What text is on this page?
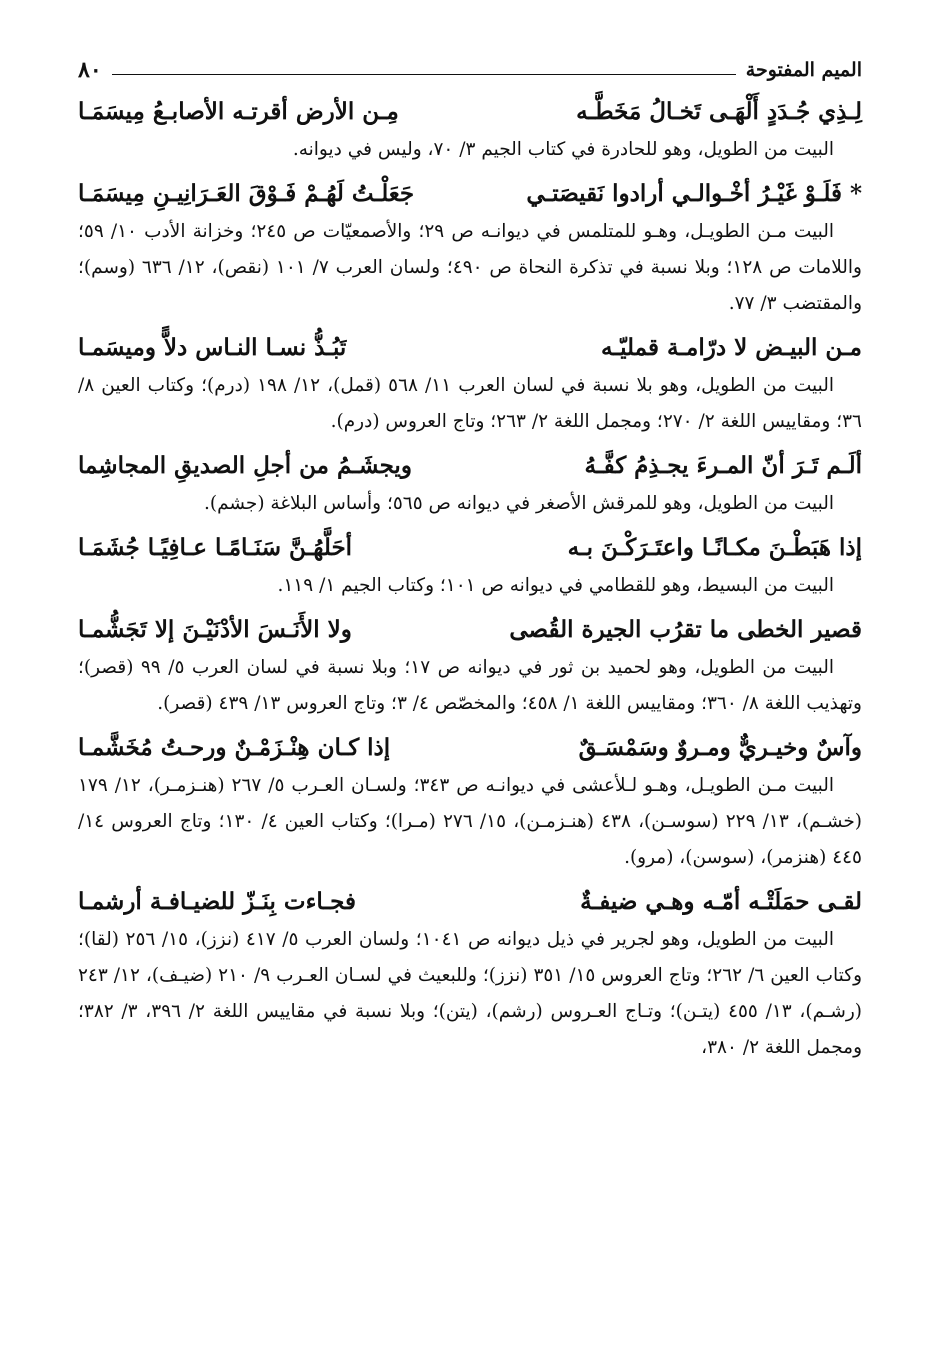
٨٠	الميم المفتوحة
لِـذِي جُـدَدٍ أَلْهَـى تَخـالُ مَخَطَّـه
مِـن الأرض أقرتـه الأصابـعُ مِيسَمَـا

البيت من الطويل، وهو للحادرة في كتاب الجيم ٣/ ٧٠، وليس في ديوانه.

* فَلَـوْ غَيْـرُ أخْـوالـي أرادوا نَقيصَتـي
جَعَلْـتُ لَهُـمْ فَـوْقَ العَـرَانِيـنِ مِيسَمَـا

البيت مـن الطويـل، وهـو للمتلمس في ديوانـه ص ٢٩؛ والأصمعيّات ص ٢٤٥؛ وخزانة الأدب ١٠/ ٥٩؛ واللامات ص ١٢٨؛ وبلا نسبة في تذكرة النحاة ص ٤٩٠؛ ولسان العرب ٧/ ١٠١ (نقص)، ١٢/ ٦٣٦ (وسم)؛ والمقتضب ٣/ ٧٧.

مـن البيـض لا درّامـة قمليّـه
تَبُـذُّ نسـا النـاس دلاًّ وميسَمـا

البيت من الطويل، وهو بلا نسبة في لسان العرب ١١/ ٥٦٨ (قمل)، ١٢/ ١٩٨ (درم)؛ وكتاب العين ٨/ ٣٦؛ ومقاييس اللغة ٢/ ٢٧٠؛ ومجمل اللغة ٢/ ٢٦٣؛ وتاج العروس (درم).

ألَـم تَـرَ أنّ المـرءَ يجـذِمُ كفَّـهُ
ويجشَـمُ من أجلِ الصديقِ المجاشِما

البيت من الطويل، وهو للمرقش الأصغر في ديوانه ص ٥٦٥؛ وأساس البلاغة (جشم).

إذا هَبَطْـنَ مكـانًـا واعتَـرَكْـنَ بـه
أحَلَّهُـنَّ سَنَـامًـا عـافِيًـا جُشَمَـا

البيت من البسيط، وهو للقطامي في ديوانه ص ١٠١؛ وكتاب الجيم ١/ ١١٩.

قصير الخطى ما تقرُب الجيرة القُصى
ولا الأَنَـسَ الأدْنَيْـنَ إلا تَجَشُّمـا

البيت من الطويل، وهو لحميد بن ثور في ديوانه ص ١٧؛ وبلا نسبة في لسان العرب ٥/ ٩٩ (قصر)؛ وتهذيب اللغة ٨/ ٣٦٠؛ ومقاييس اللغة ١/ ٤٥٨؛ والمخصّص ٤/ ٣؛ وتاج العروس ١٣/ ٤٣٩ (قصر).

وآسٌ وخيـريٌّ ومـروٌ وسَمْسَـقٌ
إذا كـان هِنْـزَمْـنٌ ورحـتُ مُخَشَّمـا

البيت مـن الطويـل، وهـو لـلأعشى في ديوانـه ص ٣٤٣؛ ولسـان العـرب ٥/ ٢٦٧ (هنـزمـر)، ١٢/ ١٧٩ (خشـم)، ١٣/ ٢٢٩ (سوسـن)، ٤٣٨ (هنـزمـن)، ١٥/ ٢٧٦ (مـرا)؛ وكتاب العين ٤/ ١٣٠؛ وتاج العروس ١٤/ ٤٤٥ (هنزمر)، (سوسن)، (مرو).

لقـى حمَلَتْـه أمّـه وهـي ضيفـةٌ
فجـاءت بِنَـزّ للضيـافـة أرشمـا

البيت من الطويل، وهو لجرير في ذيل ديوانه ص ١٠٤١؛ ولسان العرب ٥/ ٤١٧ (نزز)، ١٥/ ٢٥٦ (لقا)؛ وكتاب العين ٦/ ٢٦٢؛ وتاج العروس ١٥/ ٣٥١ (نزز)؛ وللبعيث في لسـان العـرب ٩/ ٢١٠ (ضيـف)، ١٢/ ٢٤٣ (رشـم)، ١٣/ ٤٥٥ (يتـن)؛ وتـاج العـروس (رشم)، (يتن)؛ وبلا نسبة في مقاييس اللغة ٢/ ٣٩٦، ٣/ ٣٨٢؛ ومجمل اللغة ٢/ ٣٨٠،
